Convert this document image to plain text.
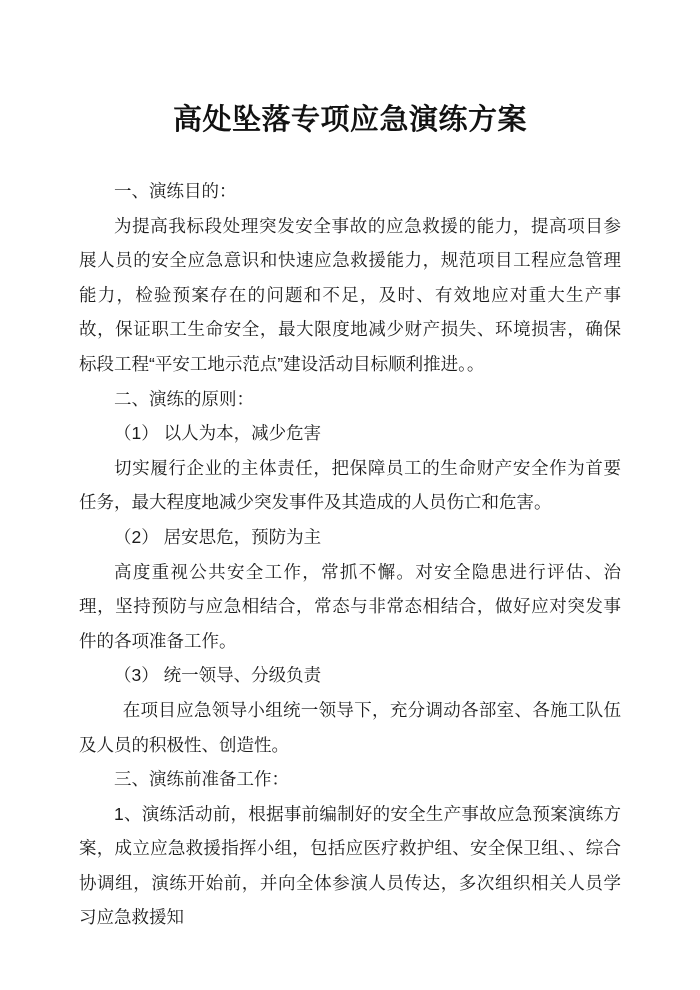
高处坠落专项应急演练方案

一、演练目的：

为提高我标段处理突发安全事故的应急救援的能力，提高项目参展人员的安全应急意识和快速应急救援能力，规范项目工程应急管理能力，检验预案存在的问题和不足，及时、有效地应对重大生产事故，保证职工生命安全，最大限度地减少财产损失、环境损害，确保标段工程“平安工地示范点”建设活动目标顺利推进。。

二、演练的原则：

（1） 以人为本，减少危害

切实履行企业的主体责任，把保障员工的生命财产安全作为首要任务，最大程度地减少突发事件及其造成的人员伤亡和危害。

（2） 居安思危，预防为主

高度重视公共安全工作，常抓不懈。对安全隐患进行评估、治理，坚持预防与应急相结合，常态与非常态相结合，做好应对突发事件的各项准备工作。

（3） 统一领导、分级负责

在项目应急领导小组统一领导下，充分调动各部室、各施工队伍及人员的积极性、创造性。

三、演练前准备工作：

1、演练活动前，根据事前编制好的安全生产事故应急预案演练方案，成立应急救援指挥小组，包括应医疗救护组、安全保卫组、、综合协调组，演练开始前，并向全体参演人员传达，多次组织相关人员学习应急救援知
